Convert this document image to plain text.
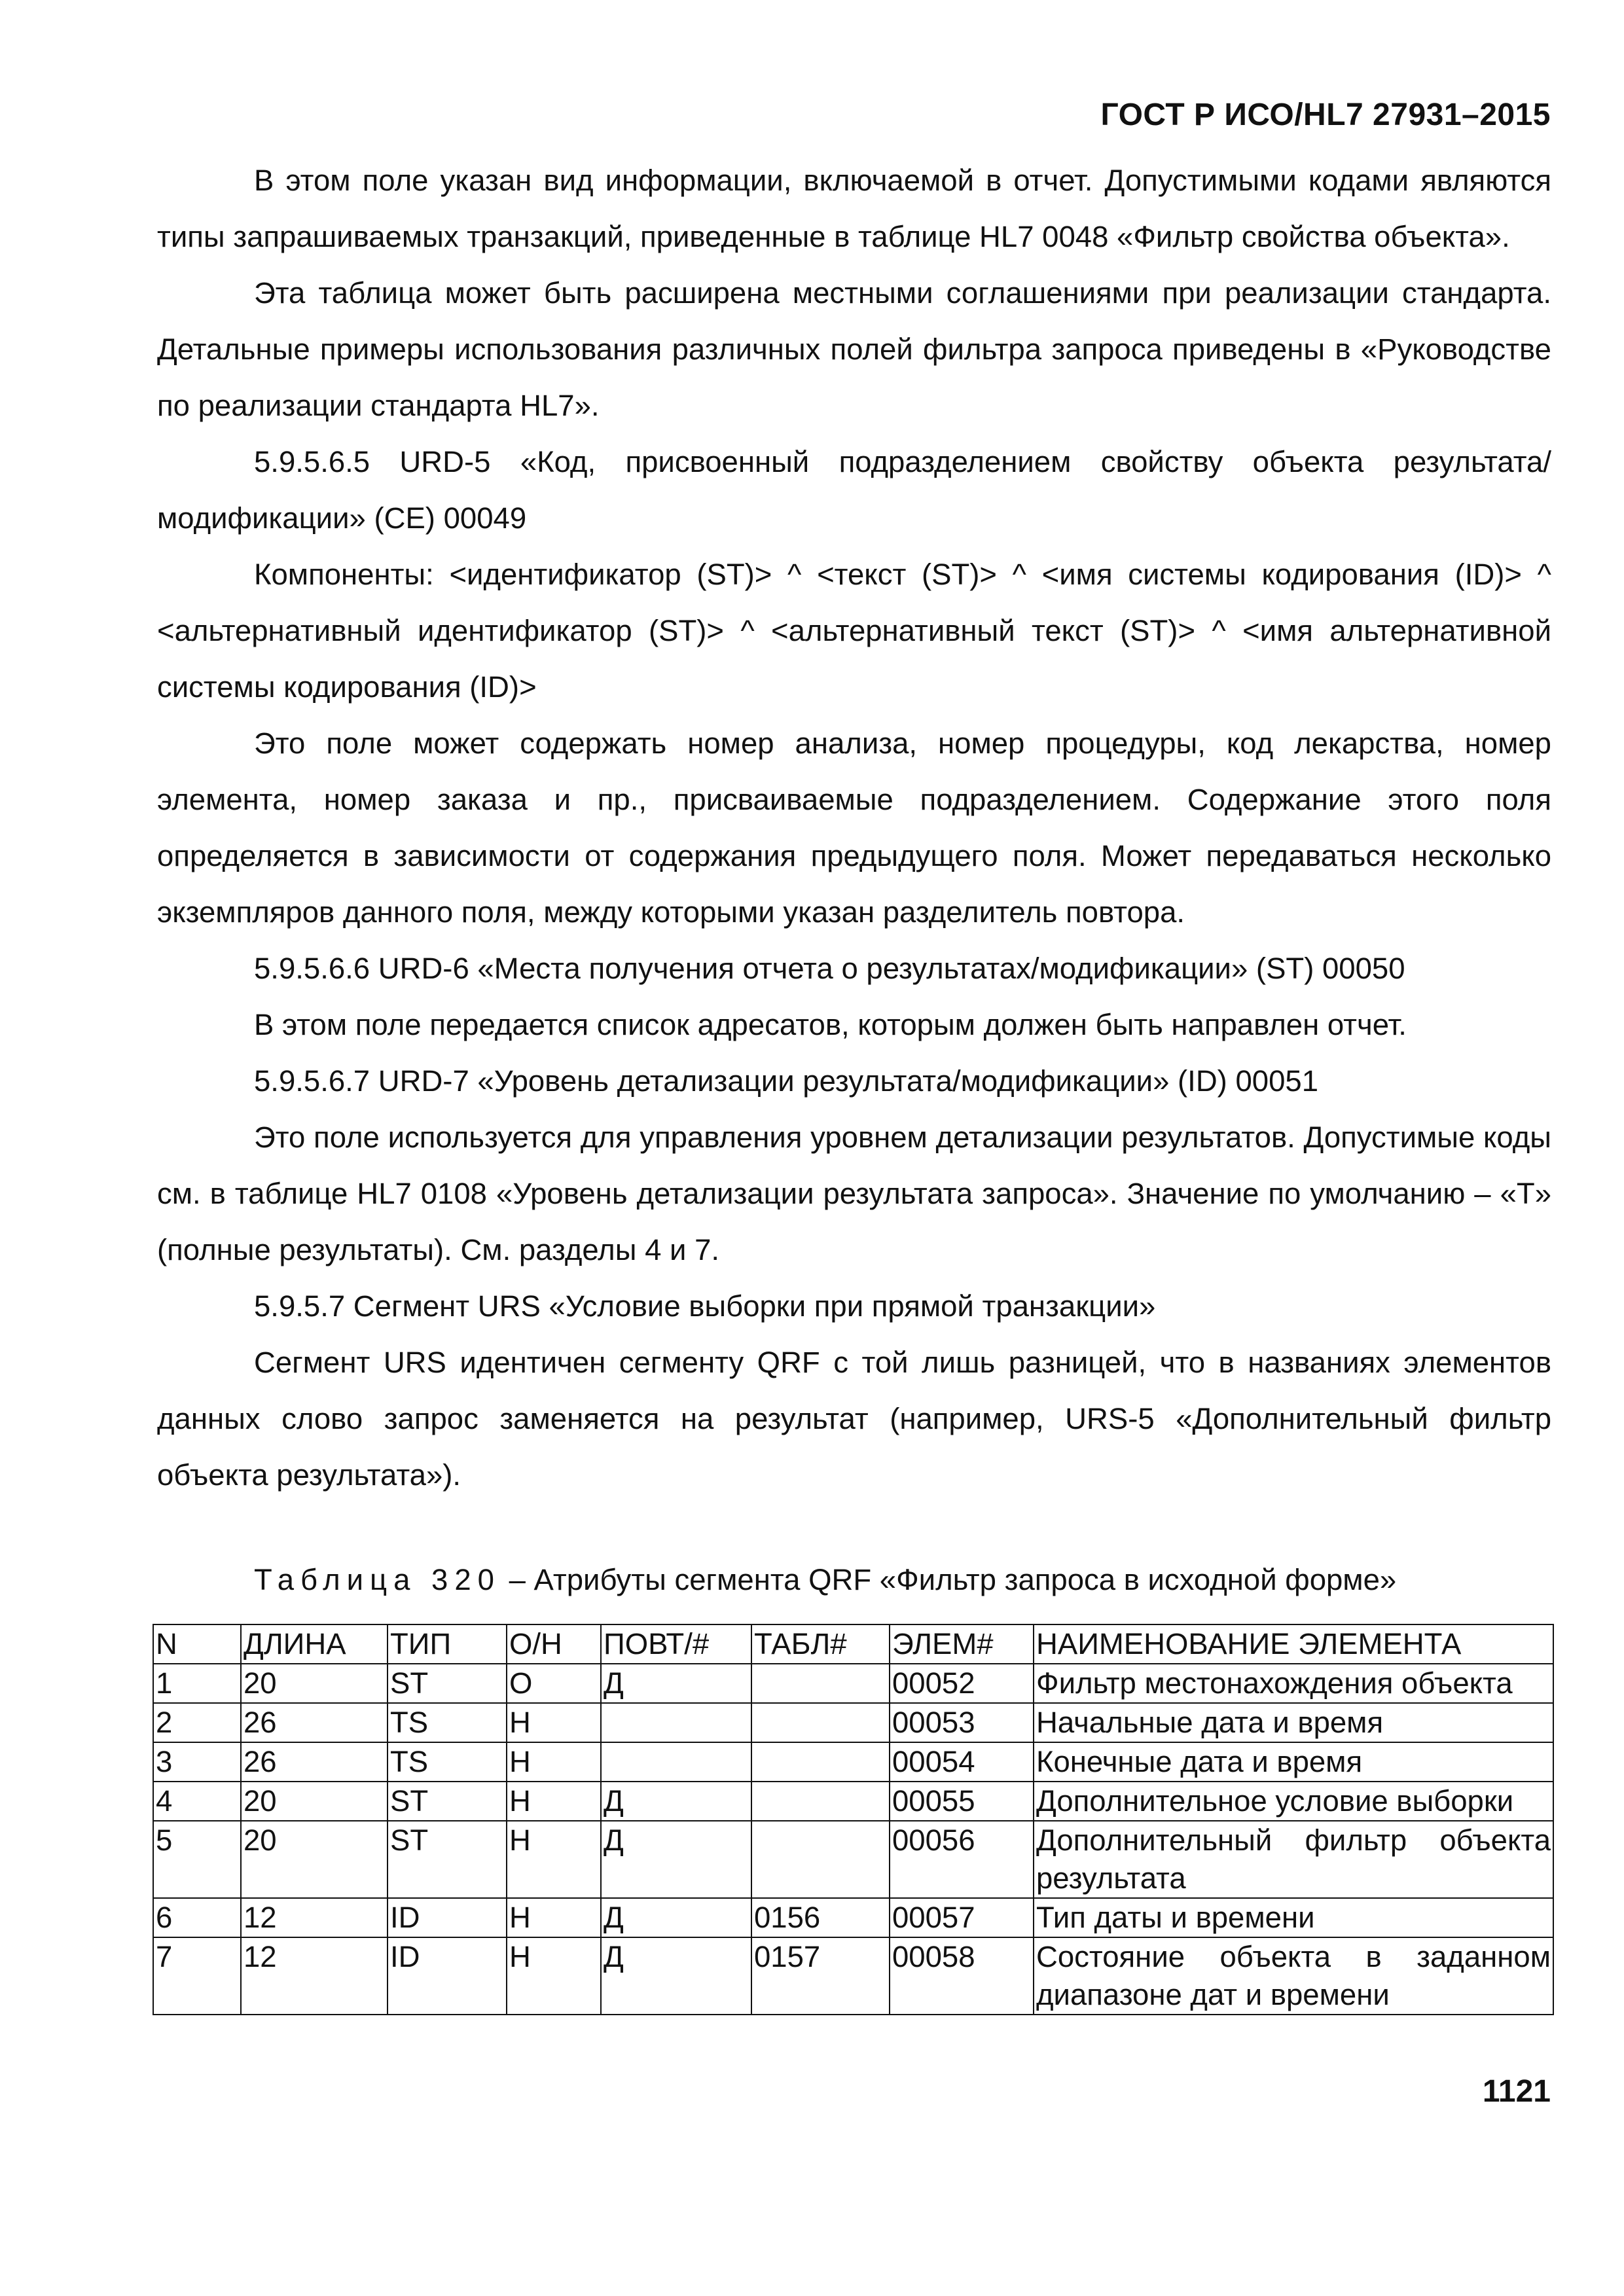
ГОСТ Р ИСО/HL7 27931–2015

В этом поле указан вид информации, включаемой в отчет. Допустимыми кодами являются типы запрашиваемых транзакций, приведенные в таблице HL7 0048 «Фильтр свойства объекта».

Эта таблица может быть расширена местными соглашениями при реализации стандарта. Детальные примеры использования различных полей фильтра запроса приведены в «Руководстве по реализации стандарта HL7».

5.9.5.6.5 URD-5 «Код, присвоенный подразделением свойству объекта результата/модификации» (CE) 00049

Компоненты: <идентификатор (ST)> ^ <текст (ST)> ^ <имя системы кодирования (ID)> ^ <альтернативный идентификатор (ST)> ^ <альтернативный текст (ST)> ^ <имя альтернативной системы кодирования (ID)>

Это поле может содержать номер анализа, номер процедуры, код лекарства, номер элемента, номер заказа и пр., присваиваемые подразделением. Содержание этого поля определяется в зависимости от содержания предыдущего поля. Может передаваться несколько экземпляров данного поля, между которыми указан разделитель повтора.

5.9.5.6.6 URD-6 «Места получения отчета о результатах/модификации» (ST) 00050

В этом поле передается список адресатов, которым должен быть направлен отчет.

5.9.5.6.7 URD-7 «Уровень детализации результата/модификации» (ID) 00051

Это поле используется для управления уровнем детализации результатов. Допустимые коды см. в таблице HL7 0108 «Уровень детализации результата запроса». Значение по умолчанию – «T» (полные результаты). См. разделы 4 и 7.

5.9.5.7 Сегмент URS «Условие выборки при прямой транзакции»

Сегмент URS идентичен сегменту QRF с той лишь разницей, что в названиях элементов данных слово запрос заменяется на результат (например, URS-5 «Дополнительный фильтр объекта результата»).

Таблица 320 – Атрибуты сегмента QRF «Фильтр запроса в исходной форме»
N	ДЛИНА	ТИП	О/Н	ПОВТ/#	ТАБЛ#	ЭЛЕМ#	НАИМЕНОВАНИЕ ЭЛЕМЕНТА
1	20	ST	О	Д		00052	Фильтр местонахождения объекта
2	26	TS	Н			00053	Начальные дата и время
3	26	TS	Н			00054	Конечные дата и время
4	20	ST	Н	Д		00055	Дополнительное условие выборки
5	20	ST	Н	Д		00056	Дополнительный фильтр объекта результата
6	12	ID	Н	Д	0156	00057	Тип даты и времени
7	12	ID	Н	Д	0157	00058	Состояние объекта в заданном диапазоне дат и времени
1121
